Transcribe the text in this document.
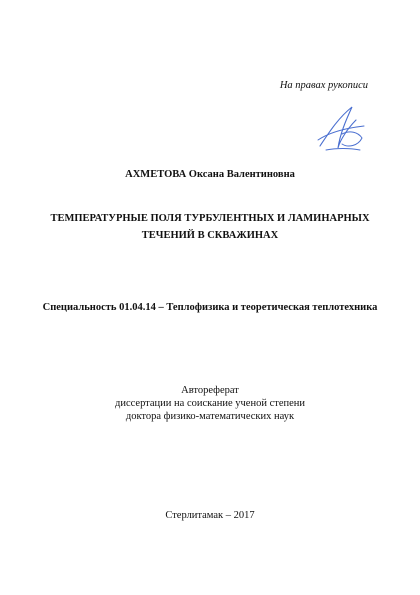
На правах рукописи
АХМЕТОВА Оксана Валентиновна
ТЕМПЕРАТУРНЫЕ ПОЛЯ ТУРБУЛЕНТНЫХ И ЛАМИНАРНЫХ
ТЕЧЕНИЙ В СКВАЖИНАХ
Специальность 01.04.14 – Теплофизика и теоретическая теплотехника
Автореферат
диссертации на соискание ученой степени
доктора физико-математических наук
Стерлитамак – 2017
